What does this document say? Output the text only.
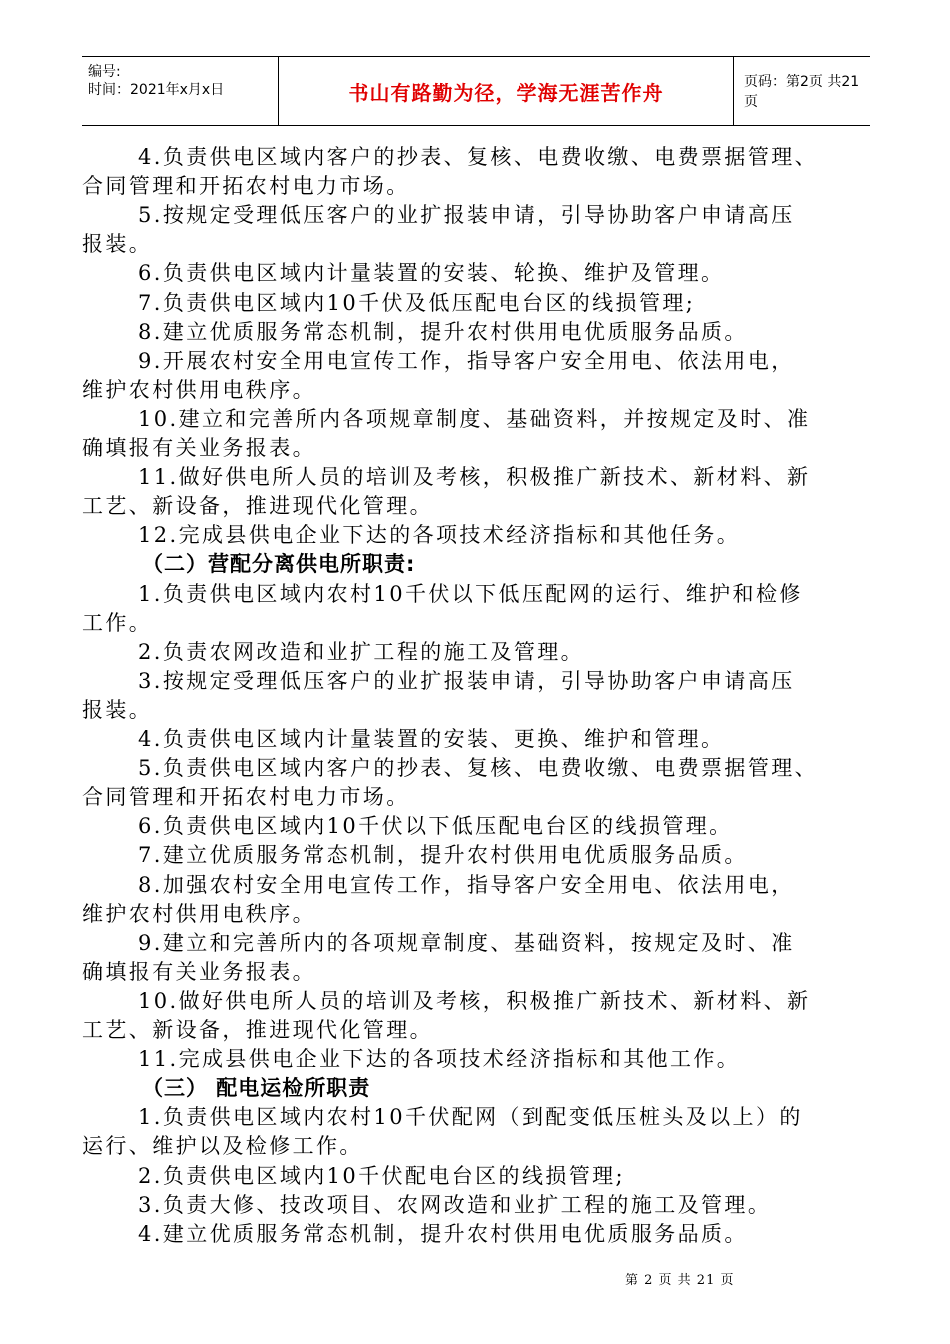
编号:
时间：2021年x月x日	书山有路勤为径，学海无涯苦作舟	页码：第2页 共21页
4.负责供电区域内客户的抄表、复核、电费收缴、电费票据管理、
合同管理和开拓农村电力市场。
5.按规定受理低压客户的业扩报装申请，引导协助客户申请高压
报装。
6.负责供电区域内计量装置的安装、轮换、维护及管理。
7.负责供电区域内10千伏及低压配电台区的线损管理;
8.建立优质服务常态机制，提升农村供用电优质服务品质。
9.开展农村安全用电宣传工作，指导客户安全用电、依法用电，
维护农村供用电秩序。
10.建立和完善所内各项规章制度、基础资料，并按规定及时、准
确填报有关业务报表。
11.做好供电所人员的培训及考核，积极推广新技术、新材料、新
工艺、新设备，推进现代化管理。
12.完成县供电企业下达的各项技术经济指标和其他任务。
（二）营配分离供电所职责:
1.负责供电区域内农村10千伏以下低压配网的运行、维护和检修
工作。
2.负责农网改造和业扩工程的施工及管理。
3.按规定受理低压客户的业扩报装申请，引导协助客户申请高压
报装。
4.负责供电区域内计量装置的安装、更换、维护和管理。
5.负责供电区域内客户的抄表、复核、电费收缴、电费票据管理、
合同管理和开拓农村电力市场。
6.负责供电区域内10千伏以下低压配电台区的线损管理。
7.建立优质服务常态机制，提升农村供用电优质服务品质。
8.加强农村安全用电宣传工作，指导客户安全用电、依法用电，
维护农村供用电秩序。
9.建立和完善所内的各项规章制度、基础资料，按规定及时、准
确填报有关业务报表。
10.做好供电所人员的培训及考核，积极推广新技术、新材料、新
工艺、新设备，推进现代化管理。
11.完成县供电企业下达的各项技术经济指标和其他工作。
（三） 配电运检所职责
1.负责供电区域内农村10千伏配网（到配变低压桩头及以上）的
运行、维护以及检修工作。
2.负责供电区域内10千伏配电台区的线损管理;
3.负责大修、技改项目、农网改造和业扩工程的施工及管理。
4.建立优质服务常态机制，提升农村供用电优质服务品质。
第 2 页 共 21 页
